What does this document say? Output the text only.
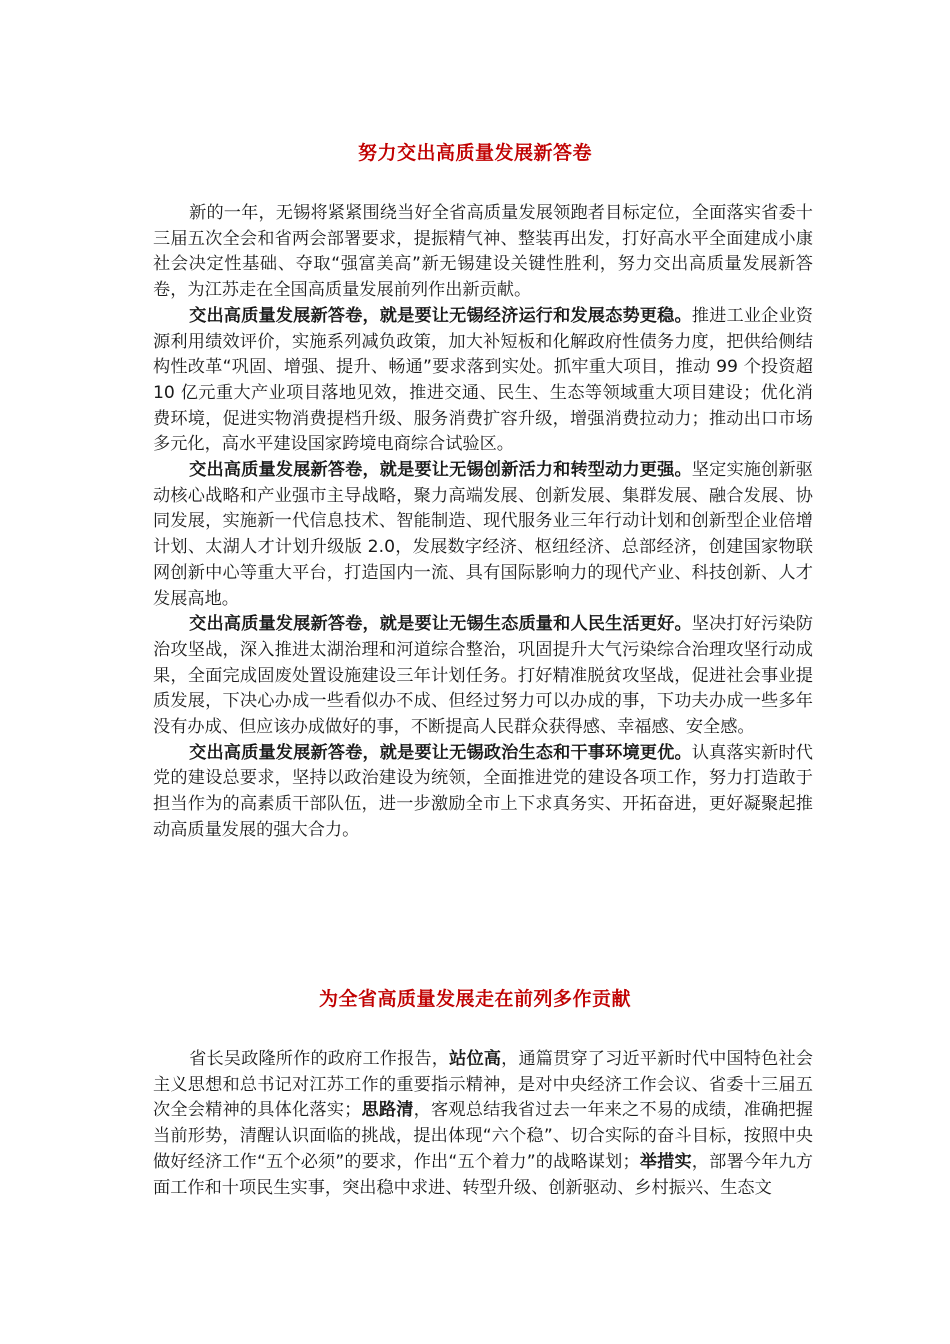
努力交出高质量发展新答卷

新的一年，无锡将紧紧围绕当好全省高质量发展领跑者目标定位，全面落实省委十三届五次全会和省两会部署要求，提振精气神、整装再出发，打好高水平全面建成小康社会决定性基础、夺取“强富美高”新无锡建设关键性胜利，努力交出高质量发展新答卷，为江苏走在全国高质量发展前列作出新贡献。

交出高质量发展新答卷，就是要让无锡经济运行和发展态势更稳。推进工业企业资源利用绩效评价，实施系列减负政策，加大补短板和化解政府性债务力度，把供给侧结构性改革“巩固、增强、提升、畅通”要求落到实处。抓牢重大项目，推动 99 个投资超 10 亿元重大产业项目落地见效，推进交通、民生、生态等领域重大项目建设；优化消费环境，促进实物消费提档升级、服务消费扩容升级，增强消费拉动力；推动出口市场多元化，高水平建设国家跨境电商综合试验区。

交出高质量发展新答卷，就是要让无锡创新活力和转型动力更强。坚定实施创新驱动核心战略和产业强市主导战略，聚力高端发展、创新发展、集群发展、融合发展、协同发展，实施新一代信息技术、智能制造、现代服务业三年行动计划和创新型企业倍增计划、太湖人才计划升级版 2.0，发展数字经济、枢纽经济、总部经济，创建国家物联网创新中心等重大平台，打造国内一流、具有国际影响力的现代产业、科技创新、人才发展高地。

交出高质量发展新答卷，就是要让无锡生态质量和人民生活更好。坚决打好污染防治攻坚战，深入推进太湖治理和河道综合整治，巩固提升大气污染综合治理攻坚行动成果，全面完成固废处置设施建设三年计划任务。打好精准脱贫攻坚战，促进社会事业提质发展，下决心办成一些看似办不成、但经过努力可以办成的事，下功夫办成一些多年没有办成、但应该办成做好的事，不断提高人民群众获得感、幸福感、安全感。

交出高质量发展新答卷，就是要让无锡政治生态和干事环境更优。认真落实新时代党的建设总要求，坚持以政治建设为统领，全面推进党的建设各项工作，努力打造敢于担当作为的高素质干部队伍，进一步激励全市上下求真务实、开拓奋进，更好凝聚起推动高质量发展的强大合力。

为全省高质量发展走在前列多作贡献

省长吴政隆所作的政府工作报告，站位高，通篇贯穿了习近平新时代中国特色社会主义思想和总书记对江苏工作的重要指示精神，是对中央经济工作会议、省委十三届五次全会精神的具体化落实；思路清，客观总结我省过去一年来之不易的成绩，准确把握当前形势，清醒认识面临的挑战，提出体现“六个稳”、切合实际的奋斗目标，按照中央做好经济工作“五个必须”的要求，作出“五个着力”的战略谋划；举措实，部署今年九方面工作和十项民生实事，突出稳中求进、转型升级、创新驱动、乡村振兴、生态文
